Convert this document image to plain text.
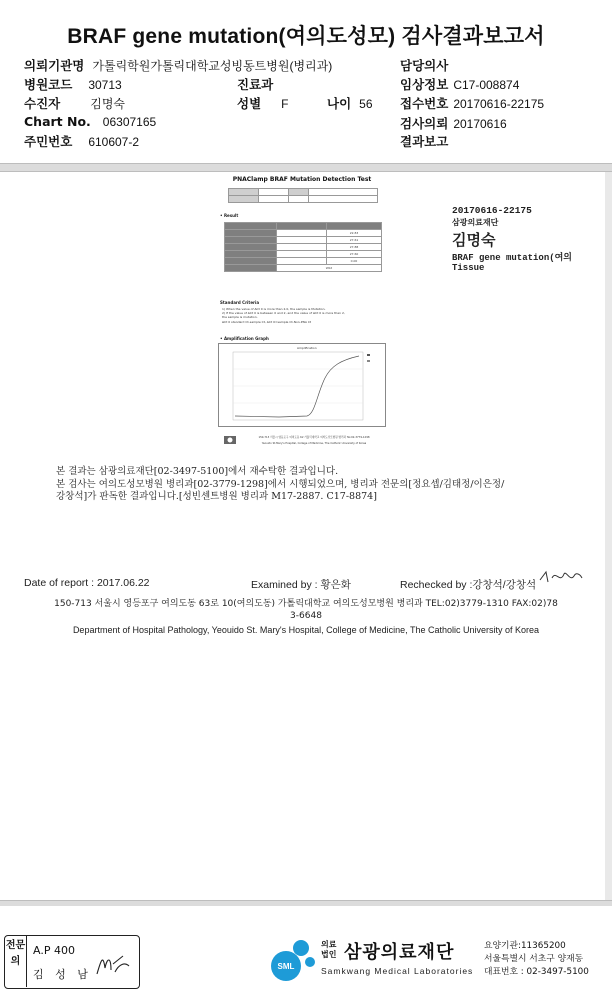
BRAF gene mutation(여의도성모) 검사결과보고서
의뢰기관명 가톨릭학원가톨릭대학교성빙동트병원(병리과)	담당의사
병원코드 30713	진료과	임상정보 C17-008874
수진자	김명숙	성별 F	나이 56 접수번호 20170616-22175
Chart No. 06307165	검사의뢰 20170616
주민번호 610607-2	결과보고
PNAClamp BRAF Mutation Detection Test

• Result

		22.83
		27.61
		27.88
		27.60
		0.00
	Wild	
Standard Criteria
1) When the value of ΔCt 0 is more than 2.0, the sample is Mutation.
2) If the value of ΔCt 0 is between 0 and 2, and the value of ΔCt 0 is more than 2,
the sample is mutation.
ΔCt 0 standard Ct-sample Ct, ΔCt 0=sample Ct-Non-PNA Ct
• Amplification Graph
Amplification
150-713 서울시 영등포구 여의도동 62 가톨릭대학교 여의도성모병원 병리과 Tel.02-3779-1298
Yeouido St.Mary's Hospital, College of Medicine, The Catholic University of Korea
20170616-22175
삼광의료재단
김명숙
BRAF gene mutation(여의
Tissue
본 결과는 삼광의료재단[02-3497-5100]에서 재수탁한 결과입니다.
본 검사는 여의도성모병원 병리과[02-3779-1298]에서 시행되었으며, 병리과 전문의[정요셉/김태정/이은정/
강창석]가 판독한 결과입니다.[성빈센트병원 병리과 M17-2887. C17-8874]
Date of report : 2017.06.22	Examined by : 황은화	Rechecked by :강창석/강창석
150-713 서울시 영등포구 여의도동 63로 10(여의도동) 가톨릭대학교 여의도성모병원 병리과 TEL:02)3779-1310 FAX:02)78
3-6648
Department of Hospital Pathology, Yeouido St. Mary's Hospital, College of Medicine, The Catholic University of Korea
전문의
A.P 400
김 성 남
SML
의료
법인 삼광의료재단
Samkwang Medical Laboratories
요양기관:11365200
서울특별시 서초구 양재동
대표번호 : 02-3497-5100
